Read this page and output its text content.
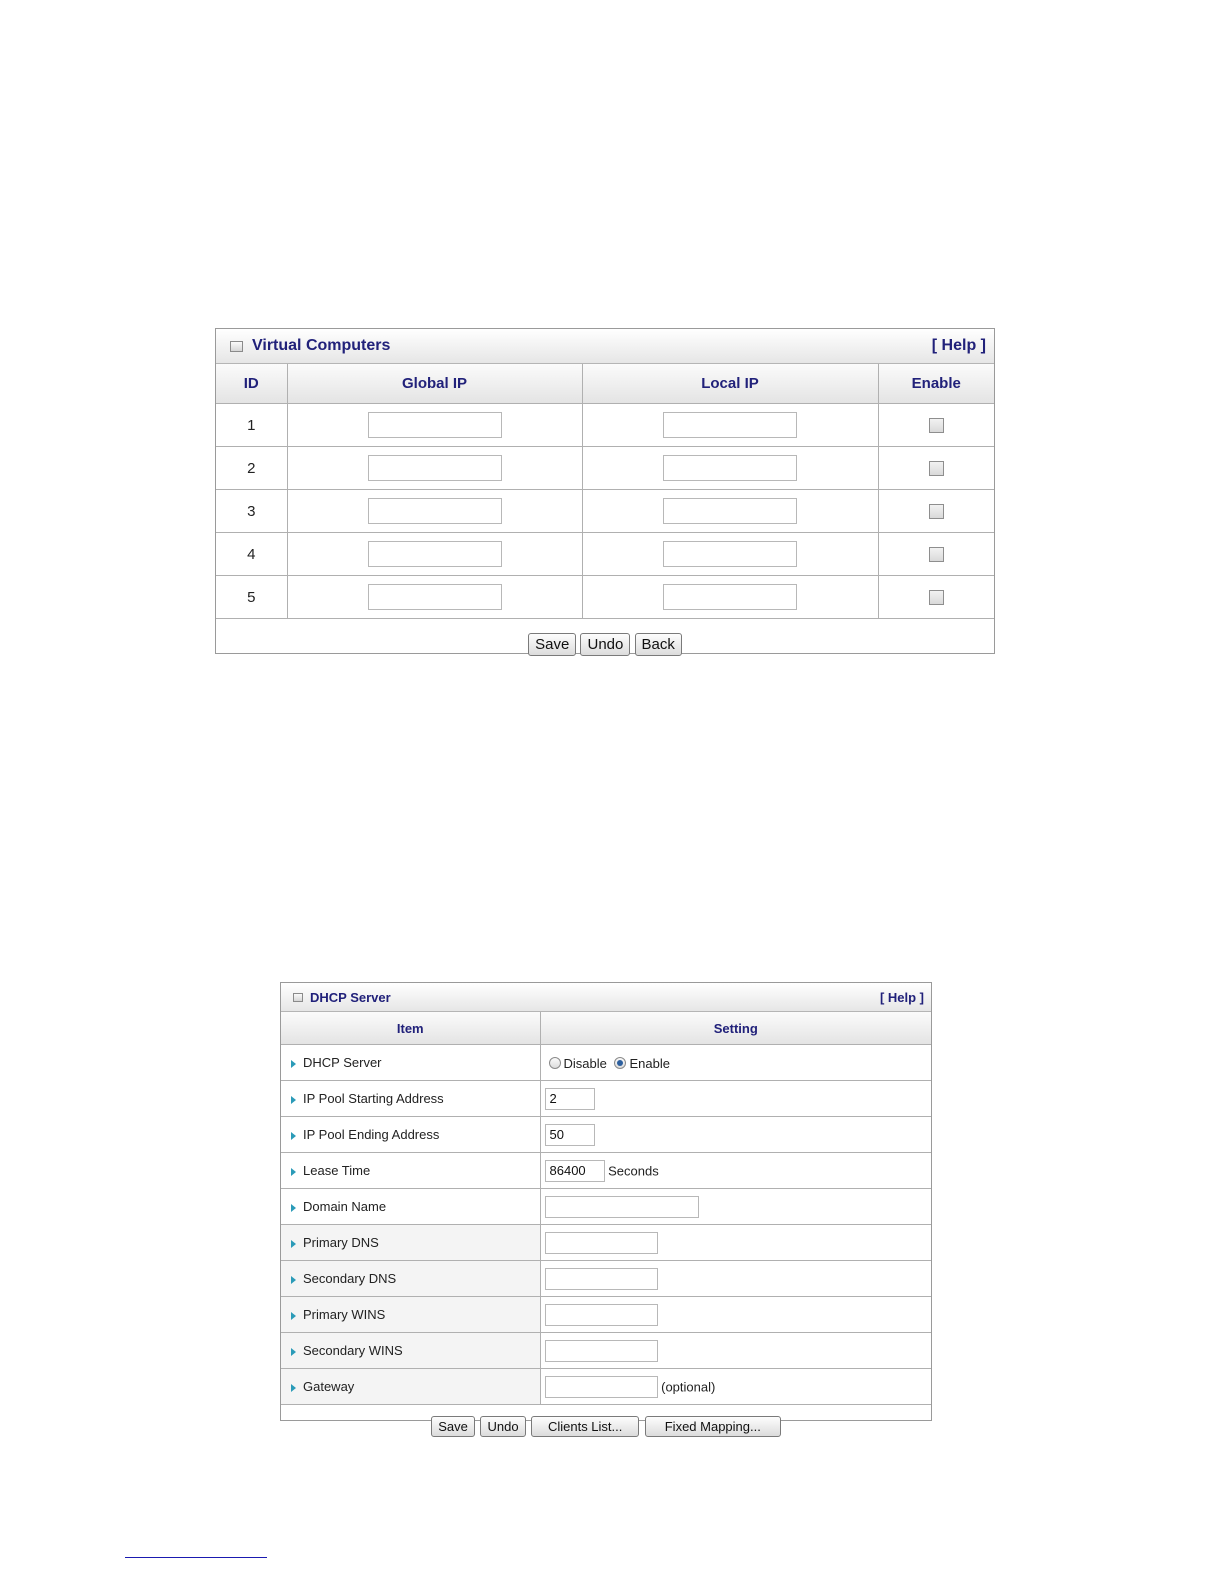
Virtual Computers	[ Help ]
ID	Global IP	Local IP	Enable
1			
2			
3			
4			
5			
Save Undo Back			
DHCP Server	[ Help ]
Item	Setting
DHCP Server	Disable Enable
IP Pool Starting Address	2
IP Pool Ending Address	50
Lease Time	86400Seconds
Domain Name	
Primary DNS	
Secondary DNS	
Primary WINS	
Secondary WINS	
Gateway	(optional)
Save Undo Clients List... Fixed Mapping...	
